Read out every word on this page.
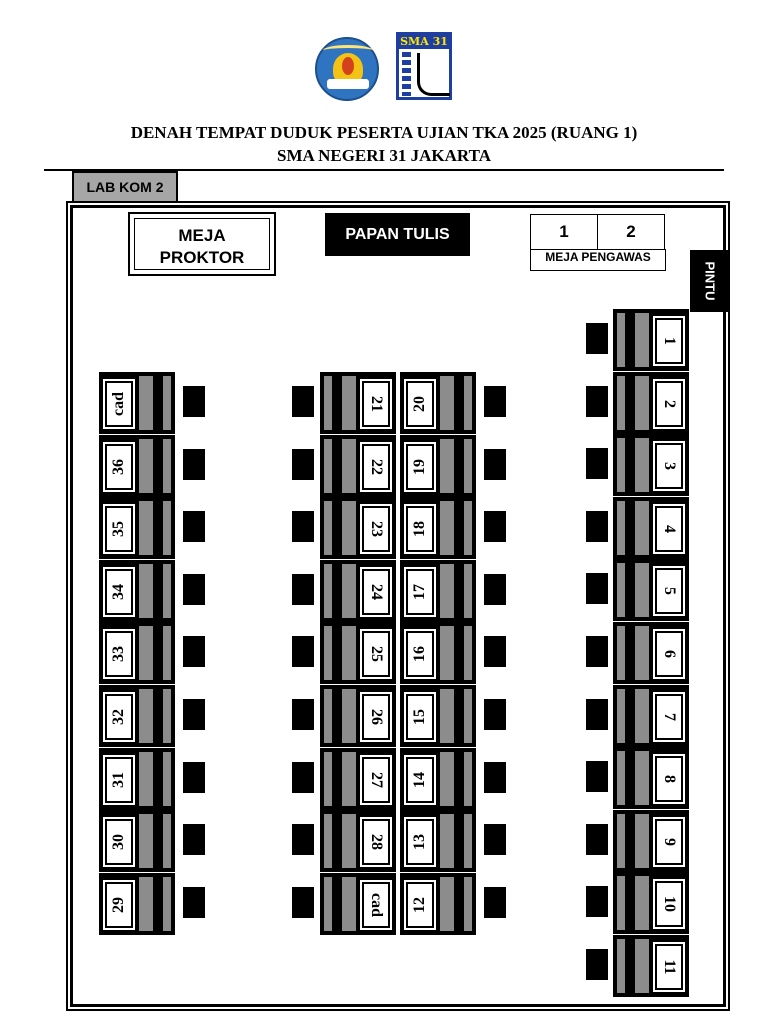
SMA 31
DENAH TEMPAT DUDUK PESERTA UJIAN TKA 2025 (RUANG 1)
SMA NEGERI 31 JAKARTA
LAB KOM 2
MEJA
PROKTOR
PAPAN TULIS	1	2
MEJA PENGAWAS
PINTU
cad
36
35
34
33
32
31
30
29
21
22
23
24
25
26
27
28
cad
20
19
18
17
16
15
14
13
12
1
2
3
4
5
6
7
8
9
10
11
